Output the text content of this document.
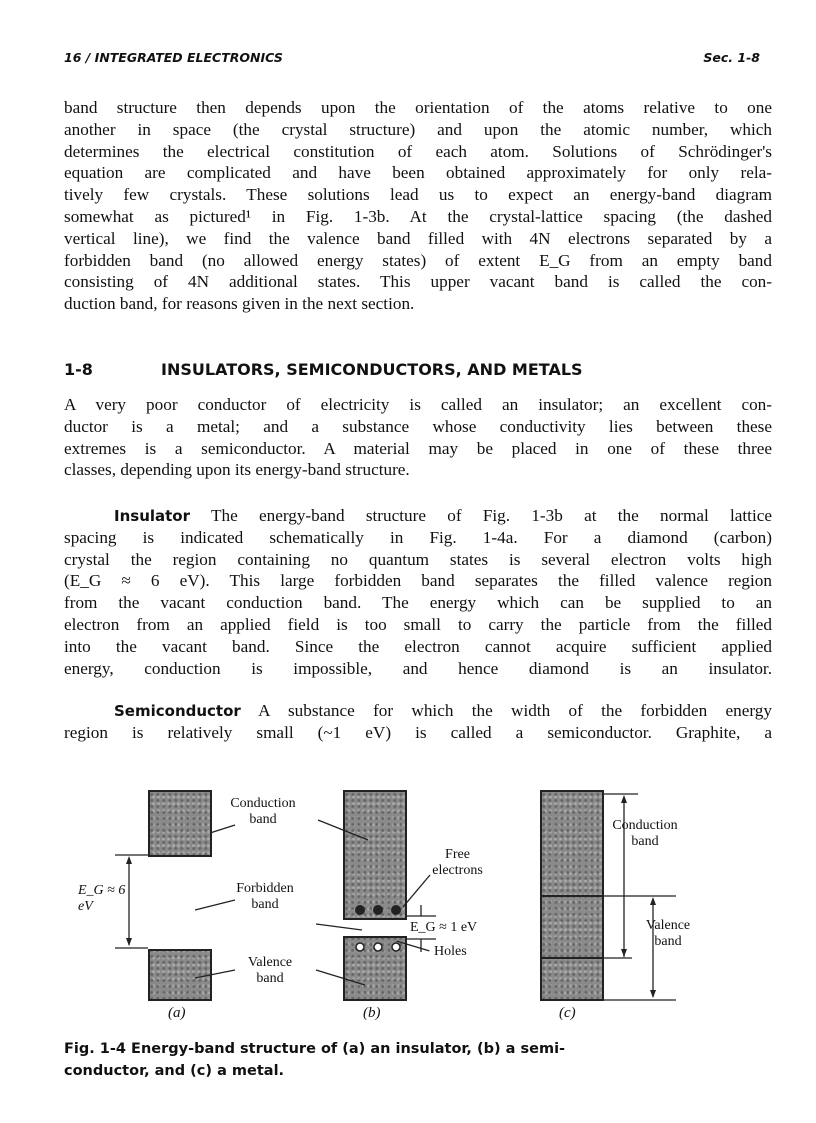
16 / INTEGRATED ELECTRONICS	Sec. 1-8
band structure then depends upon the orientation of the atoms relative to one
another in space (the crystal structure) and upon the atomic number, which
determines the electrical constitution of each atom. Solutions of Schrödinger's
equation are complicated and have been obtained approximately for only rela-
tively few crystals. These solutions lead us to expect an energy-band diagram
somewhat as pictured¹ in Fig. 1-3b. At the crystal-lattice spacing (the dashed
vertical line), we find the valence band filled with 4N electrons separated by a
forbidden band (no allowed energy states) of extent E_G from an empty band
consisting of 4N additional states. This upper vacant band is called the con-
duction band, for reasons given in the next section.
1-8	INSULATORS, SEMICONDUCTORS, AND METALS
A very poor conductor of electricity is called an insulator; an excellent con-
ductor is a metal; and a substance whose conductivity lies between these
extremes is a semiconductor. A material may be placed in one of these three
classes, depending upon its energy-band structure.
Insulator The energy-band structure of Fig. 1-3b at the normal lattice
spacing is indicated schematically in Fig. 1-4a. For a diamond (carbon)
crystal the region containing no quantum states is several electron volts high
(E_G ≈ 6 eV). This large forbidden band separates the filled valence region
from the vacant conduction band. The energy which can be supplied to an
electron from an applied field is too small to carry the particle from the filled
into the vacant band. Since the electron cannot acquire sufficient applied
energy, conduction is impossible, and hence diamond is an insulator.
Semiconductor A substance for which the width of the forbidden energy
region is relatively small (~1 eV) is called a semiconductor. Graphite, a
Conduction
band
Forbidden
band
Valence
band
E_G ≈ 6 eV
Free
electrons
E_G ≈ 1 eV
Holes
Conduction
band
Valence
band
(a)	(b)	(c)
Fig. 1-4 Energy-band structure of (a) an insulator, (b) a semi-
conductor, and (c) a metal.
